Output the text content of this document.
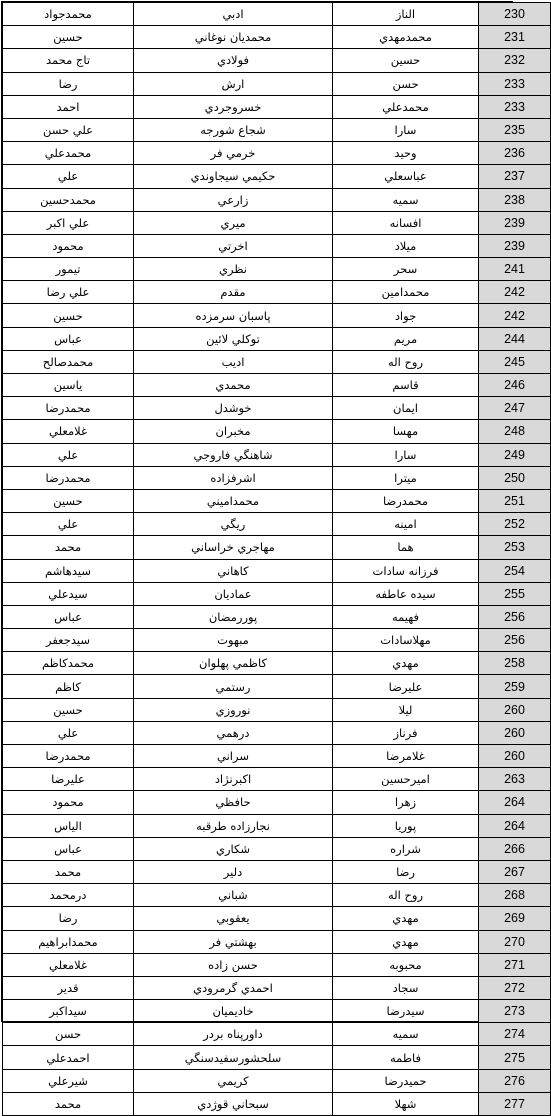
محمدجواد	ادبي	الناز	230
حسين	محمديان نوغاني	محمدمهدي	231
تاج محمد	فولادي	حسين	232
رضا	ارش	حسن	233
احمد	خسروجردي	محمدعلي	233
علي حسن	شجاع شورجه	سارا	235
محمدعلي	خرمي فر	وحيد	236
علي	حكيمي سيجاوندي	عباسعلي	237
محمدحسين	زارعي	سميه	238
علي اكبر	ميري	افسانه	239
محمود	اخرتي	ميلاد	239
تيمور	نظري	سحر	241
علي رضا	مقدم	محمدامين	242
حسين	پاسبان سرمزده	جواد	242
عباس	توكلي لائين	مريم	244
محمدصالح	اديب	روح اله	245
ياسين	محمدي	قاسم	246
محمدرضا	خوشدل	ايمان	247
غلامعلي	مخبران	مهسا	248
علي	شاهنگي فاروجي	سارا	249
محمدرضا	اشرفزاده	ميترا	250
حسين	محمداميني	محمدرضا	251
علي	ريگي	امينه	252
محمد	مهاجري خراساني	هما	253
سيدهاشم	كاهاني	فرزانه سادات	254
سيدعلي	عماديان	سيده عاطفه	255
عباس	پوررمضان	فهيمه	256
سيدجعفر	مبهوت	مهلاسادات	256
محمدكاظم	كاظمي پهلوان	مهدي	258
كاظم	رستمي	عليرضا	259
حسين	نوروزي	ليلا	260
علي	درهمي	فرناز	260
محمدرضا	سراني	غلامرضا	260
عليرضا	اكبرنژاد	اميرحسين	263
محمود	حافظي	زهرا	264
الياس	نجارزاده طرقبه	پوريا	264
عباس	شكاري	شراره	266
محمد	دلير	رضا	267
درمحمد	شباني	روح اله	268
رضا	يعقوبي	مهدي	269
محمدابراهيم	بهشتي فر	مهدي	270
غلامعلي	حسن زاده	محبوبه	271
قدير	احمدي گرمرودي	سجاد	272
سيداكبر	خاديميان	سيدرضا	273
حسن	داورپناه بردر	سميه	274
احمدعلي	سلحشورسفيدسنگي	فاطمه	275
شيرعلي	كريمي	حميدرضا	276
محمد	سبحاني قوژدي	شهلا	277
